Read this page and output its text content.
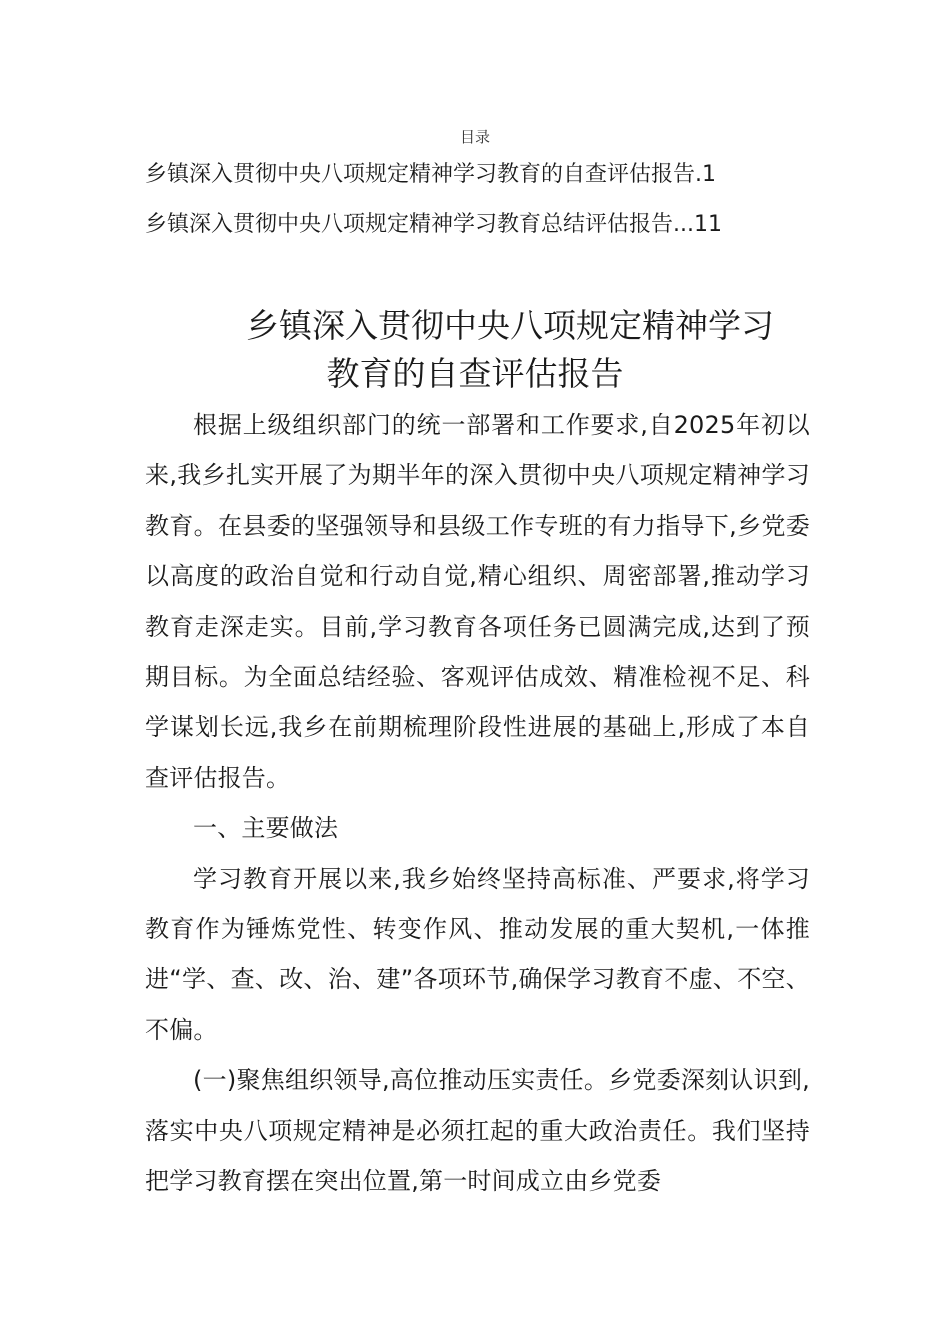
目录
乡镇深入贯彻中央八项规定精神学习教育的自查评估报告.1
乡镇深入贯彻中央八项规定精神学习教育总结评估报告...11
乡镇深入贯彻中央八项规定精神学习
教育的自查评估报告

根据上级组织部门的统一部署和工作要求,自2025年初以来,我乡扎实开展了为期半年的深入贯彻中央八项规定精神学习教育。在县委的坚强领导和县级工作专班的有力指导下,乡党委以高度的政治自觉和行动自觉,精心组织、周密部署,推动学习教育走深走实。目前,学习教育各项任务已圆满完成,达到了预期目标。为全面总结经验、客观评估成效、精准检视不足、科学谋划长远,我乡在前期梳理阶段性进展的基础上,形成了本自查评估报告。

一、主要做法

学习教育开展以来,我乡始终坚持高标准、严要求,将学习教育作为锤炼党性、转变作风、推动发展的重大契机,一体推进“学、查、改、治、建”各项环节,确保学习教育不虚、不空、不偏。

(一)聚焦组织领导,高位推动压实责任。乡党委深刻认识到,落实中央八项规定精神是必须扛起的重大政治责任。我们坚持把学习教育摆在突出位置,第一时间成立由乡党委
